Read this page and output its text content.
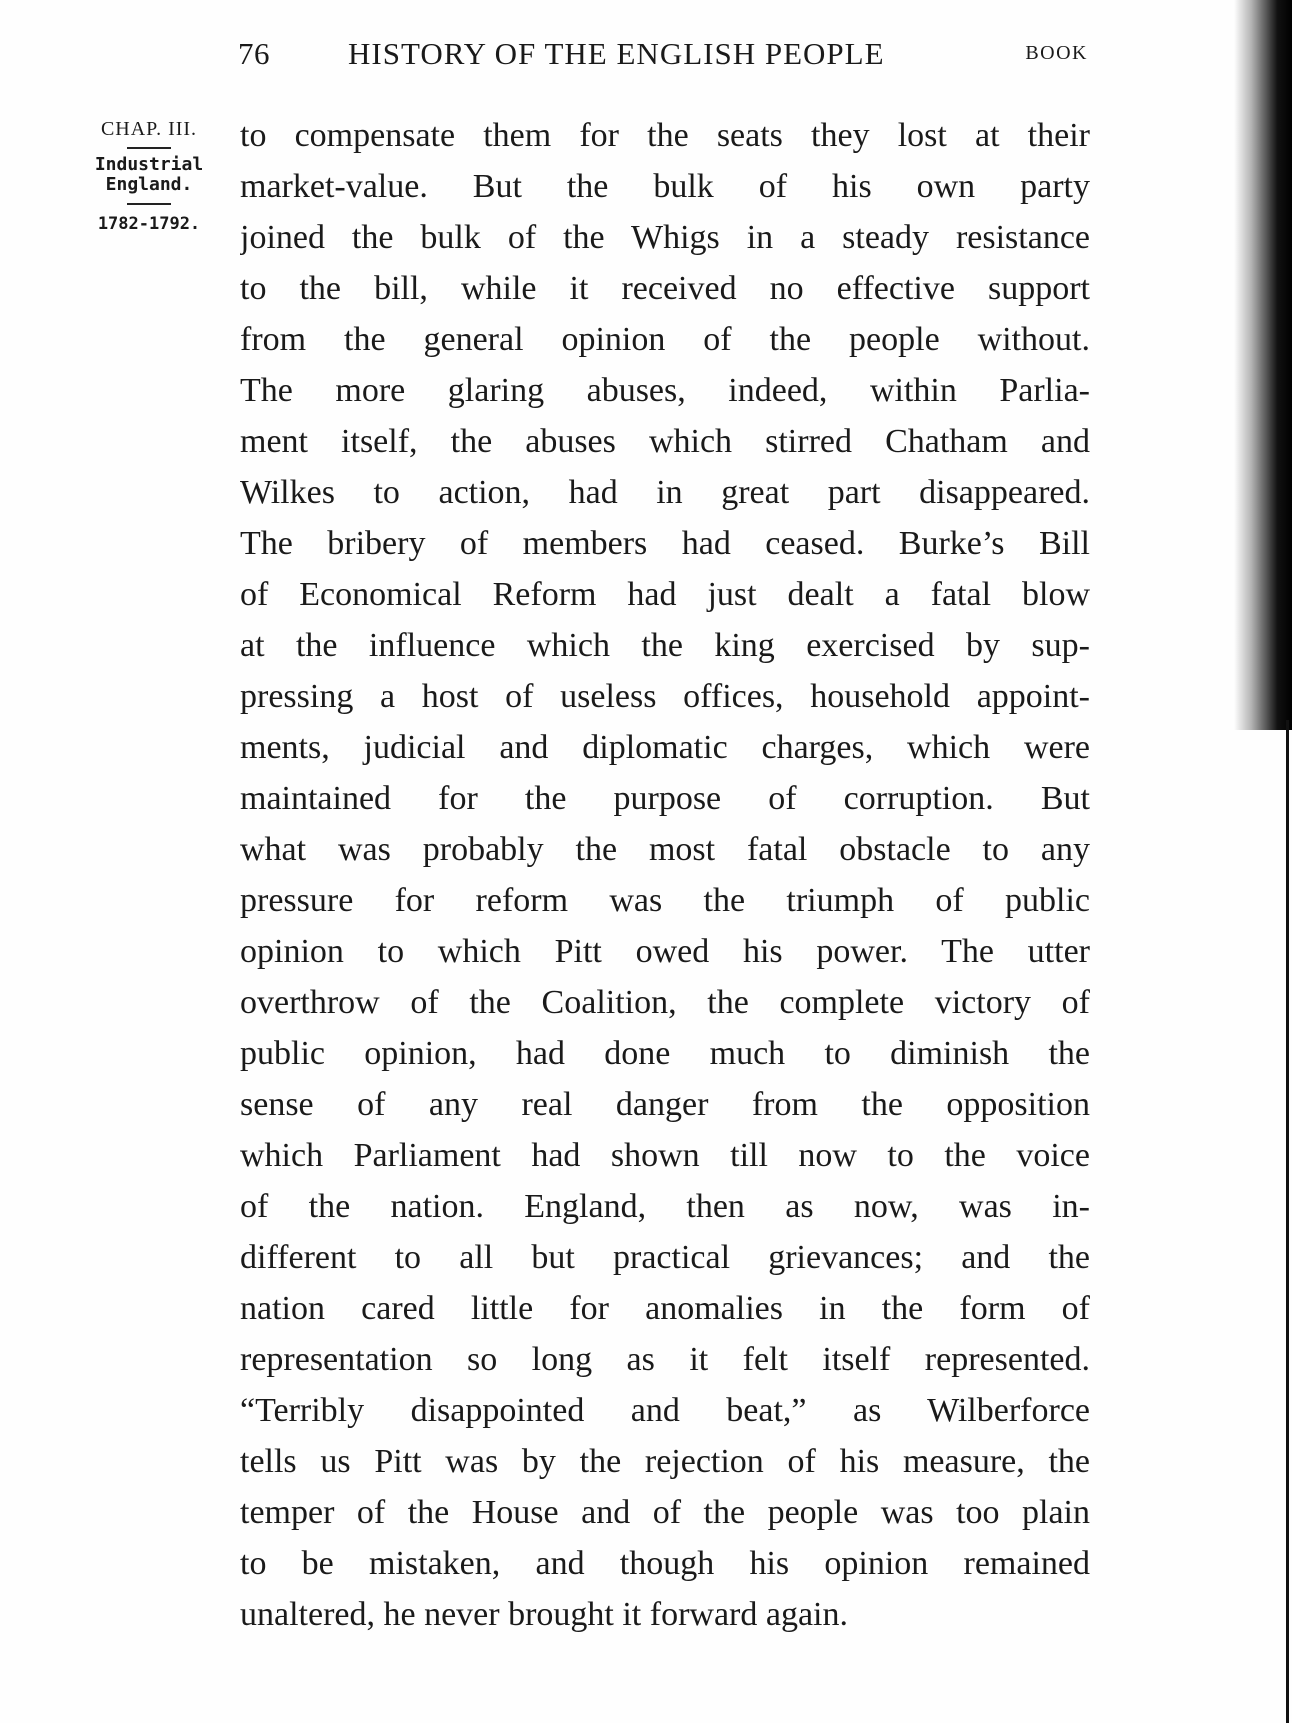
76	HISTORY OF THE ENGLISH PEOPLE	BOOK
CHAP. III.
Industrial
England.
1782-1792.
to compensate them for the seats they lost at their
market-value. But the bulk of his own party
joined the bulk of the Whigs in a steady resistance
to the bill, while it received no effective support
from the general opinion of the people without.
The more glaring abuses, indeed, within Parlia-
ment itself, the abuses which stirred Chatham and
Wilkes to action, had in great part disappeared.
The bribery of members had ceased. Burke’s Bill
of Economical Reform had just dealt a fatal blow
at the influence which the king exercised by sup-
pressing a host of useless offices, household appoint-
ments, judicial and diplomatic charges, which were
maintained for the purpose of corruption. But
what was probably the most fatal obstacle to any
pressure for reform was the triumph of public
opinion to which Pitt owed his power. The utter
overthrow of the Coalition, the complete victory of
public opinion, had done much to diminish the
sense of any real danger from the opposition
which Parliament had shown till now to the voice
of the nation. England, then as now, was in-
different to all but practical grievances; and the
nation cared little for anomalies in the form of
representation so long as it felt itself represented.
“Terribly disappointed and beat,” as Wilberforce
tells us Pitt was by the rejection of his measure, the
temper of the House and of the people was too plain
to be mistaken, and though his opinion remained
unaltered, he never brought it forward again.
